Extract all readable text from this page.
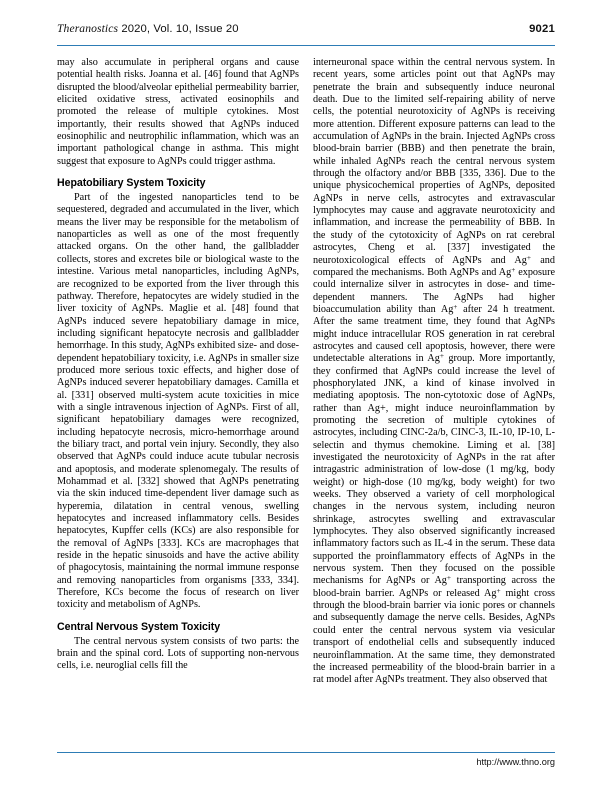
Theranostics 2020, Vol. 10, Issue 20	9021

may also accumulate in peripheral organs and cause potential health risks. Joanna et al. [46] found that AgNPs disrupted the blood/alveolar epithelial permeability barrier, elicited oxidative stress, activated eosinophils and promoted the release of multiple cytokines. Most importantly, their results showed that AgNPs induced eosinophilic and neutrophilic inflammation, which was an important pathological change in asthma. This might suggest that exposure to AgNPs could trigger asthma.

Hepatobiliary System Toxicity

Part of the ingested nanoparticles tend to be sequestered, degraded and accumulated in the liver, which means the liver may be responsible for the metabolism of nanoparticles as well as one of the most frequently attacked organs. On the other hand, the gallbladder collects, stores and excretes bile or biological waste to the intestine. Various metal nanoparticles, including AgNPs, are recognized to be exported from the liver through this pathway. Therefore, hepatocytes are widely studied in the liver toxicity of AgNPs. Maglie et al. [48] found that AgNPs induced severe hepatobiliary damage in mice, including significant hepatocyte necrosis and gallbladder hemorrhage. In this study, AgNPs exhibited size- and dose-dependent hepatobiliary toxicity, i.e. AgNPs in smaller size produced more serious toxic effects, and higher dose of AgNPs induced severer hepatobiliary damages. Camilla et al. [331] observed multi-system acute toxicities in mice with a single intravenous injection of AgNPs. First of all, significant hepatobiliary damages were recognized, including hepatocyte necrosis, micro-hemorrhage around the biliary tract, and portal vein injury. Secondly, they also observed that AgNPs could induce acute tubular necrosis and apoptosis, and moderate splenomegaly. The results of Mohammad et al. [332] showed that AgNPs penetrating via the skin induced time-dependent liver damage such as hyperemia, dilatation in central venous, swelling hepatocytes and increased inflammatory cells. Besides hepatocytes, Kupffer cells (KCs) are also responsible for the removal of AgNPs [333]. KCs are macrophages that reside in the hepatic sinusoids and have the active ability of phagocytosis, maintaining the normal immune response and removing nanoparticles from organisms [333, 334]. Therefore, KCs become the focus of research on liver toxicity and metabolism of AgNPs.

Central Nervous System Toxicity

The central nervous system consists of two parts: the brain and the spinal cord. Lots of supporting non-nervous cells, i.e. neuroglial cells fill the

interneuronal space within the central nervous system. In recent years, some articles point out that AgNPs may penetrate the brain and subsequently induce neuronal death. Due to the limited self-repairing ability of nerve cells, the potential neurotoxicity of AgNPs is receiving more attention. Different exposure patterns can lead to the accumulation of AgNPs in the brain. Injected AgNPs cross blood-brain barrier (BBB) and then penetrate the brain, while inhaled AgNPs reach the central nervous system through the olfactory and/or BBB [335, 336]. Due to the unique physicochemical properties of AgNPs, deposited AgNPs in nerve cells, astrocytes and extravascular lymphocytes may cause and aggravate neurotoxicity and inflammation, and increase the permeability of BBB. In the study of the cytotoxicity of AgNPs on rat cerebral astrocytes, Cheng et al. [337] investigated the neurotoxicological effects of AgNPs and Ag+ and compared the mechanisms. Both AgNPs and Ag+ exposure could internalize silver in astrocytes in dose- and time-dependent manners. The AgNPs had higher bioaccumulation ability than Ag+ after 24 h treatment. After the same treatment time, they found that AgNPs might induce intracellular ROS generation in rat cerebral astrocytes and caused cell apoptosis, however, there were undetectable alterations in Ag+ group. More importantly, they confirmed that AgNPs could increase the level of phosphorylated JNK, a kind of kinase involved in mediating apoptosis. The non-cytotoxic dose of AgNPs, rather than Ag+, might induce neuroinflammation by promoting the secretion of multiple cytokines of astrocytes, including CINC-2a/b, CINC-3, IL-10, IP-10, L-selectin and thymus chemokine. Liming et al. [38] investigated the neurotoxicity of AgNPs in the rat after intragastric administration of low-dose (1 mg/kg, body weight) or high-dose (10 mg/kg, body weight) for two weeks. They observed a variety of cell morphological changes in the nervous system, including neuron shrinkage, astrocytes swelling and extravascular lymphocytes. They also observed significantly increased inflammatory factors such as IL-4 in the serum. These data supported the proinflammatory effects of AgNPs in the nervous system. Then they focused on the possible mechanisms for AgNPs or Ag+ transporting across the blood-brain barrier. AgNPs or released Ag+ might cross through the blood-brain barrier via ionic pores or channels and subsequently damage the nerve cells. Besides, AgNPs could enter the central nervous system via vesicular transport of endothelial cells and subsequently induced neuroinflammation. At the same time, they demonstrated the increased permeability of the blood-brain barrier in a rat model after AgNPs treatment. They also observed that

http://www.thno.org
